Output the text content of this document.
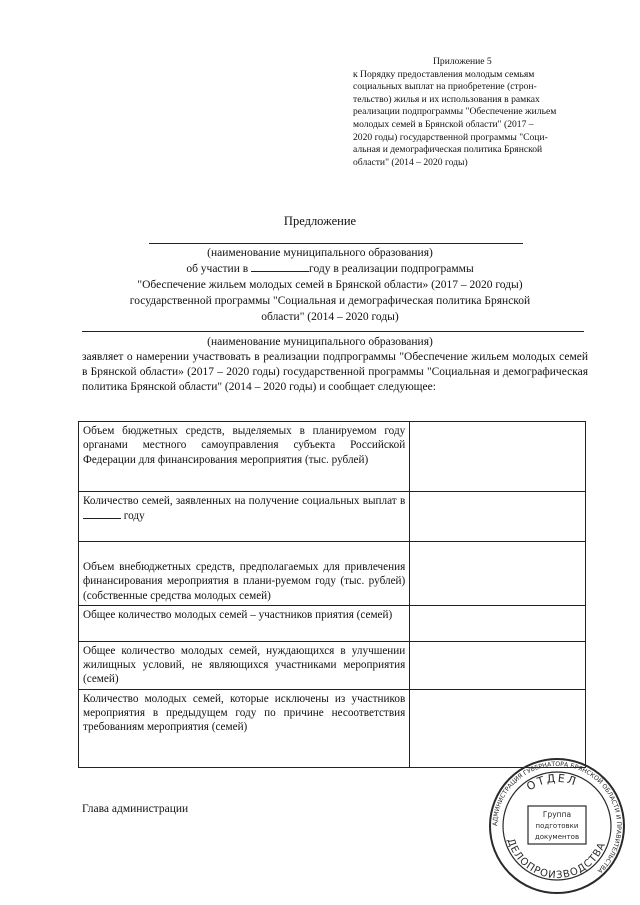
Приложение 5
к Порядку предоставления молодым семьям
социальных выплат на приобретение (строн-
тельство) жилья и их использования в рамках
реализации подпрограммы "Обеспечение жильем
молодых семей в Брянской области" (2017 –
2020 годы) государственной программы "Соци-
альная и демографическая политика Брянской
области" (2014 – 2020 годы)
Предложение
(наименование муниципального образования)
об участии в	году в реализации подпрограммы
"Обеспечение жильем молодых семей в Брянской области» (2017 – 2020 годы)
государственной программы "Социальная и демографическая политика Брянской
области" (2014 – 2020 годы)
(наименование муниципального образования)
заявляет о намерении участвовать в реализации подпрограммы "Обеспечение жильем молодых семей в Брянской области» (2017 – 2020 годы) государственной программы "Социальная и демографическая политика Брянской области" (2014 – 2020 годы) и сообщает следующее:
Объем бюджетных средств, выделяемых в планируемом году органами местного самоуправления субъекта Российской Федерации для финансирования мероприятия (тыс. рублей)	
Количество семей, заявленных на получение социальных выплат в  году	
Объем внебюджетных средств, предполагаемых для привлечения финансирования мероприятия в плани-руемом году (тыс. рублей) (собственные средства молодых семей)	
Общее количество молодых семей – участников приятия (семей)	
Общее количество молодых семей, нуждающихся в улучшении жилищных условий, не являющихся участниками мероприятия (семей)	
Количество молодых семей, которые исключены из участников мероприятия в предыдущем году по причине несоответствия требованиям мероприятия (семей)	
Глава администрации
АДМИНИСТРАЦИЯ ГУБЕРНАТОРА БРЯНСКОЙ ОБЛАСТИ И ПРАВИТЕЛЬСТВА
ОТДЕЛ
ДЕЛОПРОИЗВОДСТВА
Группа
подготовки
документов
